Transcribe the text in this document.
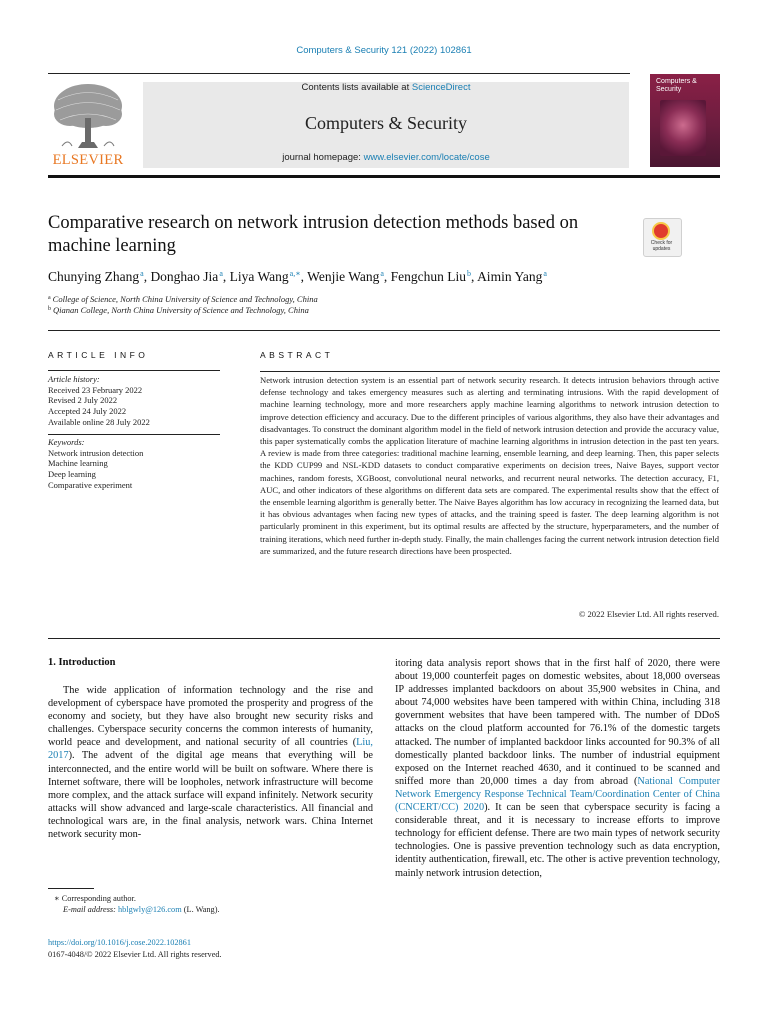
Computers & Security 121 (2022) 102861
ELSEVIER
Contents lists available at ScienceDirect
Computers & Security
journal homepage: www.elsevier.com/locate/cose
Computers & Security
Comparative research on network intrusion detection methods based on machine learning	Check for updates
Chunying Zhang$^a$, Donghao Jia$^a$, Liya Wang$^{a,∗}$, Wenjie Wang$^a$, Fengchun Liu$^b$, Aimin Yang$^a$
$^a$ College of Science, North China University of Science and Technology, China
$^b$ Qianan College, North China University of Science and Technology, China
ARTICLE INFO
Article history:
Received 23 February 2022
Revised 2 July 2022
Accepted 24 July 2022
Available online 28 July 2022
Keywords:
Network intrusion detection
Machine learning
Deep learning
Comparative experiment
ABSTRACT
Network intrusion detection system is an essential part of network security research. It detects intrusion behaviors through active defense technology and takes emergency measures such as alerting and terminating intrusions. With the rapid development of machine learning technology, more and more researchers apply machine learning algorithms to network intrusion detection to improve detection efficiency and accuracy. Due to the different principles of various algorithms, they also have their advantages and disadvantages. To construct the dominant algorithm model in the field of network intrusion detection and provide the accuracy value, this paper systematically combs the application literature of machine learning algorithms in intrusion detection in the past ten years. A review is made from three categories: traditional machine learning, ensemble learning, and deep learning. Then, this paper selects the KDD CUP99 and NSL-KDD datasets to conduct comparative experiments on decision trees, Naive Bayes, support vector machines, random forests, XGBoost, convolutional neural networks, and recurrent neural networks. The detection accuracy, F1, AUC, and other indicators of these algorithms on different data sets are compared. The experimental results show that the effect of the ensemble learning algorithm is generally better. The Naive Bayes algorithm has low accuracy in recognizing the learned data, but it has obvious advantages when facing new types of attacks, and the training speed is faster. The deep learning algorithm is not particularly prominent in this experiment, but its optimal results are affected by the structure, hyperparameters, and the number of training iterations, which need further in-depth study. Finally, the main challenges facing the current network intrusion detection field are summarized, and the future research directions have been prospected.
© 2022 Elsevier Ltd. All rights reserved.
1. Introduction
The wide application of information technology and the rise and development of cyberspace have promoted the prosperity and progress of the economy and society, but they have also brought new security risks and challenges. Cyberspace security concerns the common interests of humanity, world peace and development, and national security of all countries (Liu, 2017). The advent of the digital age means that everything will be interconnected, and the entire world will be built on software. Where there is Internet software, there will be loopholes, network infrastructure will become more complex, and the attack surface will expand infinitely. Network security attacks will show advanced and large-scale characteristics. All financial and technological wars are, in the final analysis, network wars. China Internet network security mon-
itoring data analysis report shows that in the first half of 2020, there were about 19,000 counterfeit pages on domestic websites, about 18,000 overseas IP addresses implanted backdoors on about 35,900 websites in China, and about 74,000 websites have been tampered with within China, including 318 government websites that have been tampered with. The number of DDoS attacks on the cloud platform accounted for 76.1% of the domestic targets attacked. The number of implanted backdoor links accounted for 90.3% of all domestically planted backdoor links. The number of industrial equipment exposed on the Internet reached 4630, and it continued to be scanned and sniffed more than 20,000 times a day from abroad (National Computer Network Emergency Response Technical Team/Coordination Center of China (CNCERT/CC) 2020). It can be seen that cyberspace security is facing a considerable threat, and it is necessary to increase efforts to improve technology for efficient defense. There are two main types of network security technologies. One is passive prevention technology such as data encryption, identity authentication, firewall, etc. The other is active prevention technology, mainly network intrusion detection,
∗ Corresponding author.
E-mail address: hblgwly@126.com (L. Wang).
https://doi.org/10.1016/j.cose.2022.102861
0167-4048/© 2022 Elsevier Ltd. All rights reserved.
